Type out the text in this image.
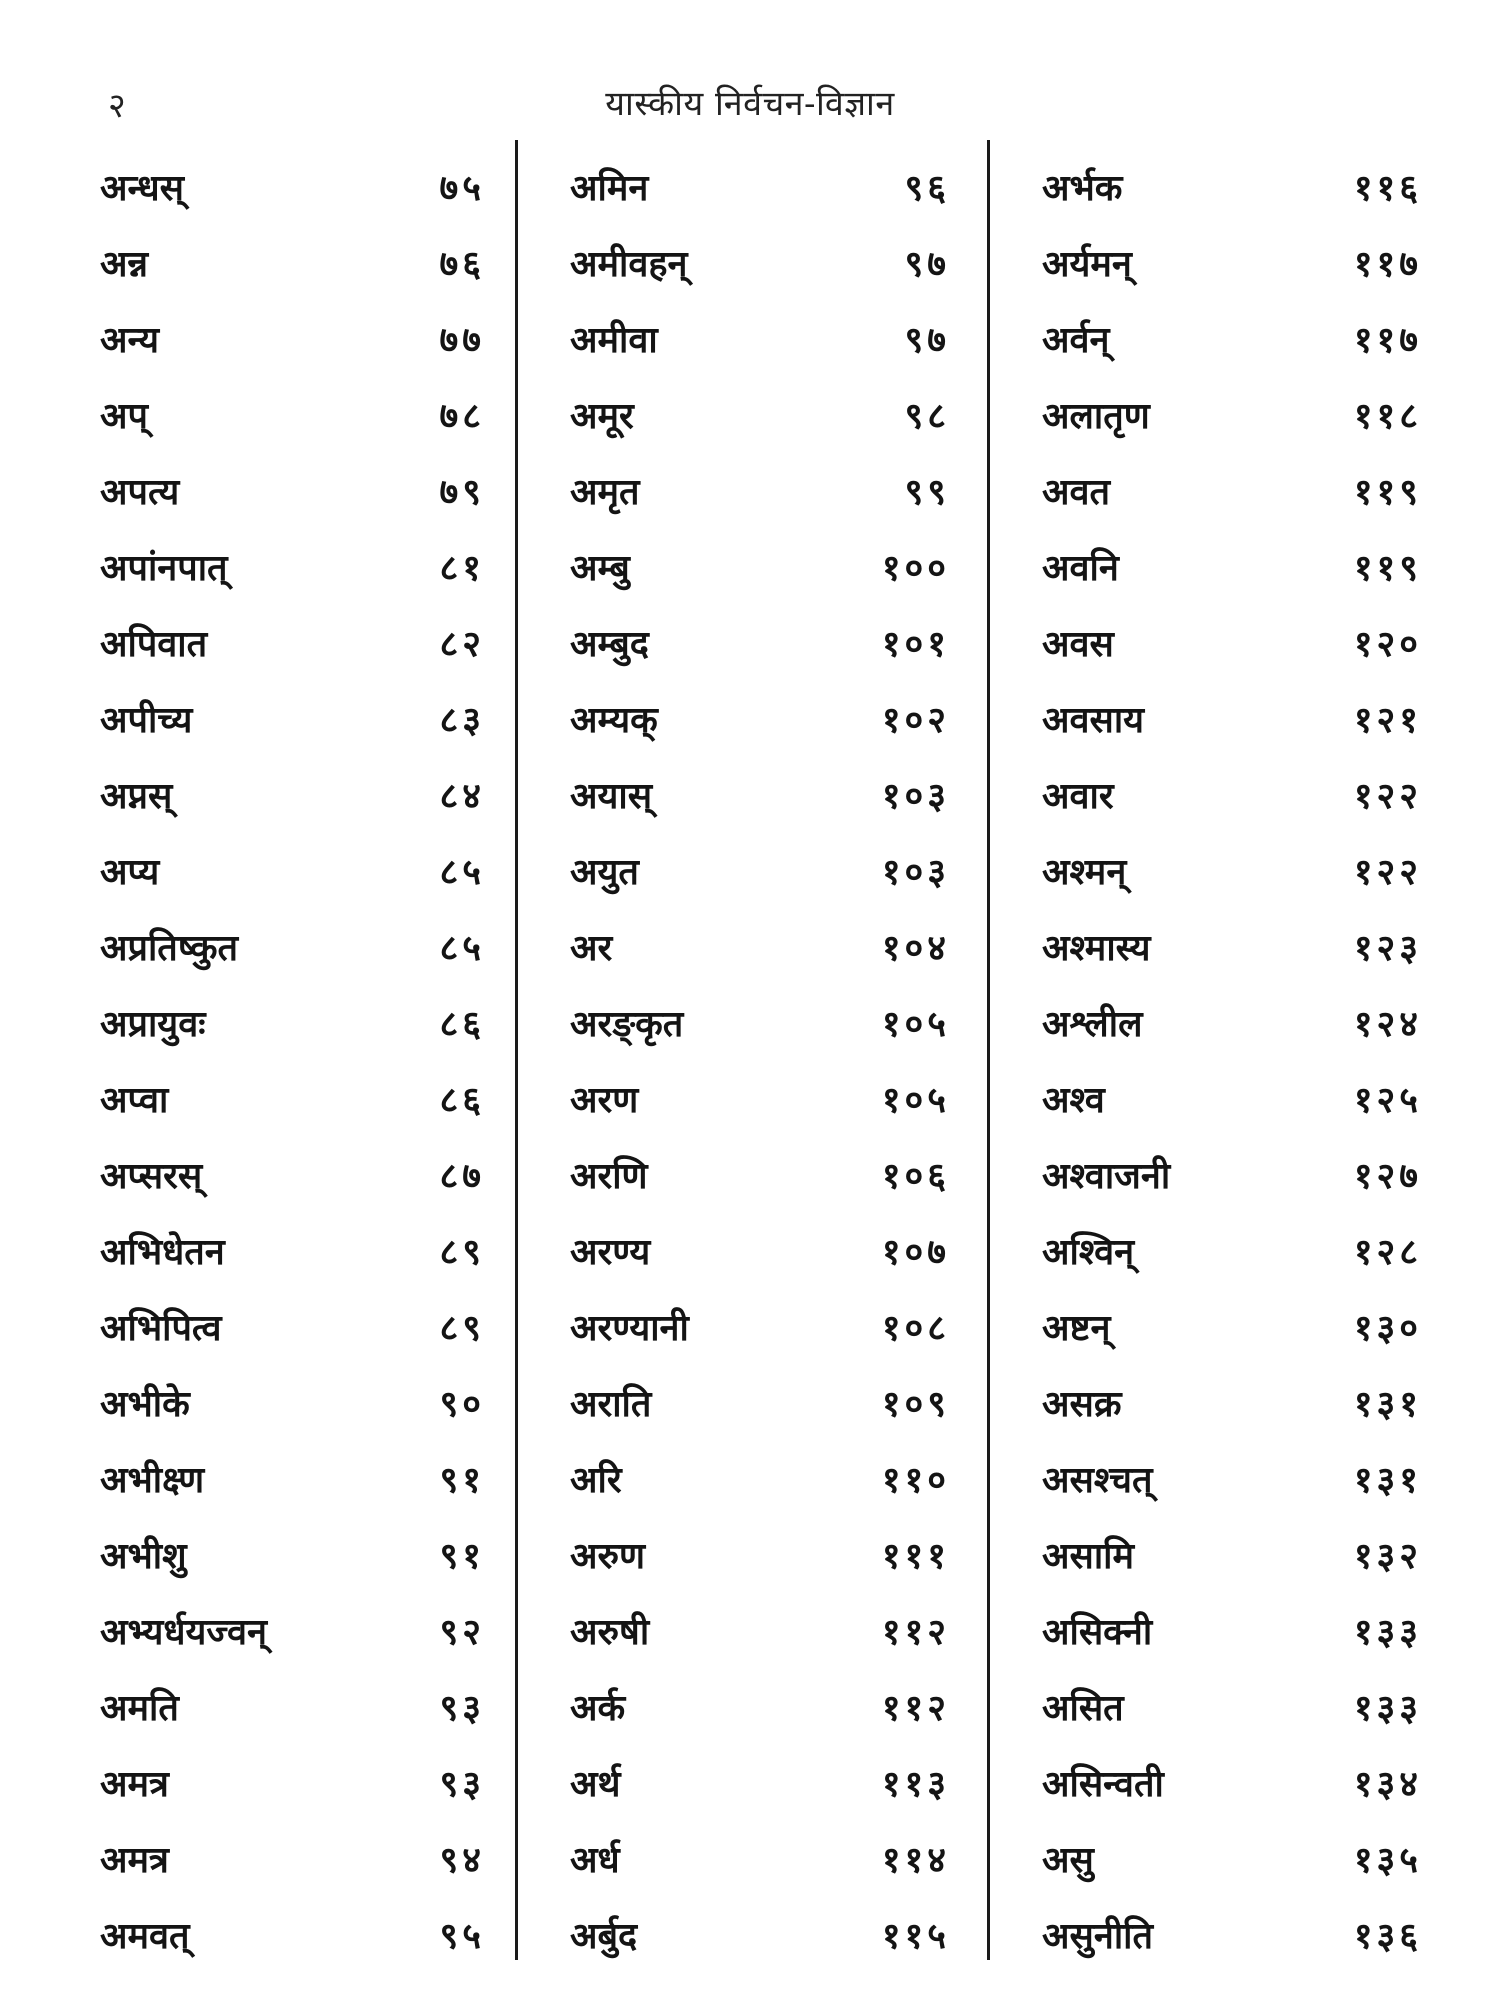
२	यास्कीय निर्वचन-विज्ञान
अन्धस्	७५
अन्न	७६
अन्य	७७
अप्	७८
अपत्य	७९
अपांनपात्	८१
अपिवात	८२
अपीच्य	८३
अप्नस्	८४
अप्य	८५
अप्रतिष्कुत	८५
अप्रायुवः	८६
अप्वा	८६
अप्सरस्	८७
अभिधेतन	८९
अभिपित्व	८९
अभीके	९०
अभीक्ष्ण	९१
अभीशु	९१
अभ्यर्धयज्वन्	९२
अमति	९३
अमत्र	९३
अमत्र	९४
अमवत्	९५
अमिन	९६
अमीवहन्	९७
अमीवा	९७
अमूर	९८
अमृत	९९
अम्बु	१००
अम्बुद	१०१
अम्यक्	१०२
अयास्	१०३
अयुत	१०३
अर	१०४
अरङ्कृत	१०५
अरण	१०५
अरणि	१०६
अरण्य	१०७
अरण्यानी	१०८
अराति	१०९
अरि	११०
अरुण	१११
अरुषी	११२
अर्क	११२
अर्थ	११३
अर्ध	११४
अर्बुद	११५
अर्भक	११६
अर्यमन्	११७
अर्वन्	११७
अलातृण	११८
अवत	११९
अवनि	११९
अवस	१२०
अवसाय	१२१
अवार	१२२
अश्मन्	१२२
अश्मास्य	१२३
अश्लील	१२४
अश्व	१२५
अश्वाजनी	१२७
अश्विन्	१२८
अष्टन्	१३०
असक्र	१३१
असश्चत्	१३१
असामि	१३२
असिक्नी	१३३
असित	१३३
असिन्वती	१३४
असु	१३५
असुनीति	१३६
